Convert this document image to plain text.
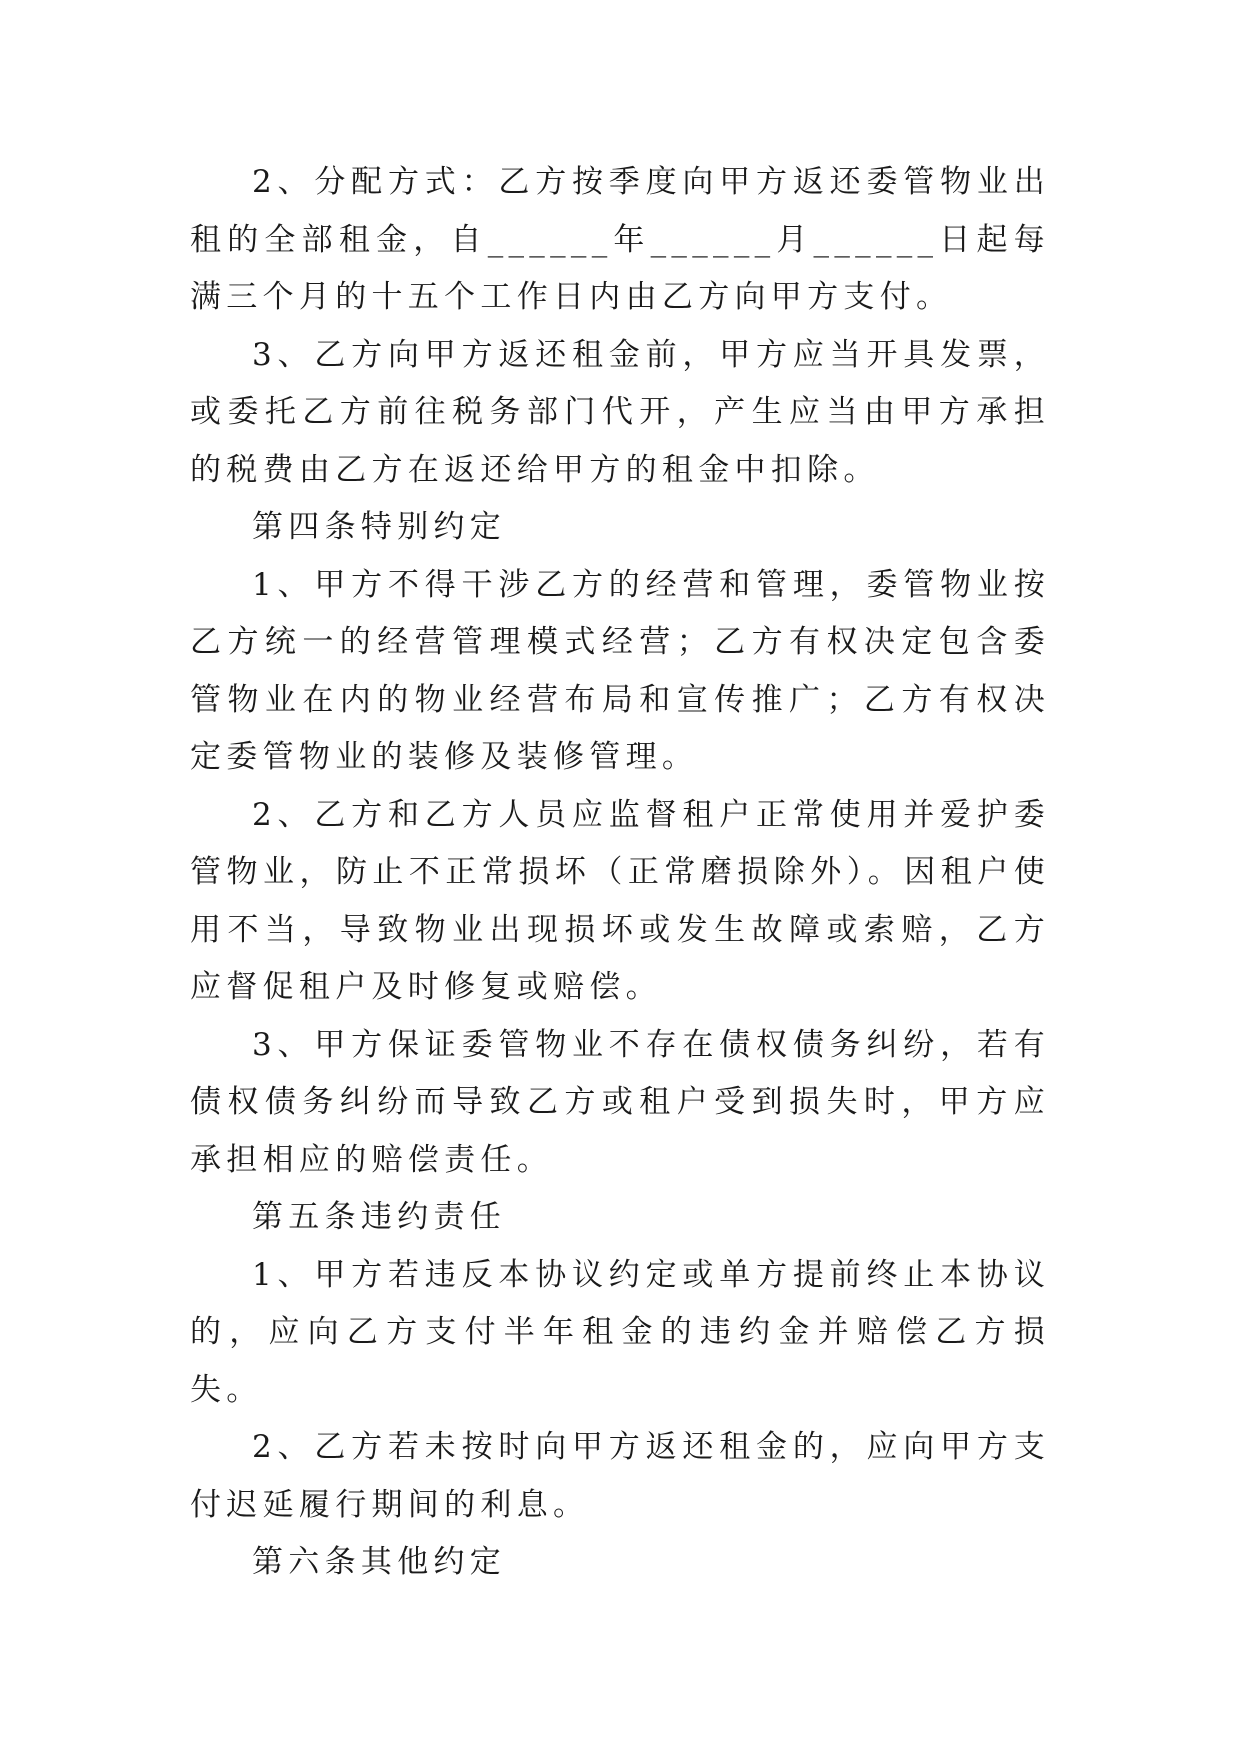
2、分配方式：乙方按季度向甲方返还委管物业出租的全部租金，自______年______月______日起每满三个月的十五个工作日内由乙方向甲方支付。

3、乙方向甲方返还租金前，甲方应当开具发票，或委托乙方前往税务部门代开，产生应当由甲方承担的税费由乙方在返还给甲方的租金中扣除。

第四条特别约定

1、甲方不得干涉乙方的经营和管理，委管物业按乙方统一的经营管理模式经营；乙方有权决定包含委管物业在内的物业经营布局和宣传推广；乙方有权决定委管物业的装修及装修管理。

2、乙方和乙方人员应监督租户正常使用并爱护委管物业，防止不正常损坏（正常磨损除外）。因租户使用不当，导致物业出现损坏或发生故障或索赔，乙方应督促租户及时修复或赔偿。

3、甲方保证委管物业不存在债权债务纠纷，若有债权债务纠纷而导致乙方或租户受到损失时，甲方应承担相应的赔偿责任。

第五条违约责任

1、甲方若违反本协议约定或单方提前终止本协议的，应向乙方支付半年租金的违约金并赔偿乙方损失。

2、乙方若未按时向甲方返还租金的，应向甲方支付迟延履行期间的利息。

第六条其他约定
